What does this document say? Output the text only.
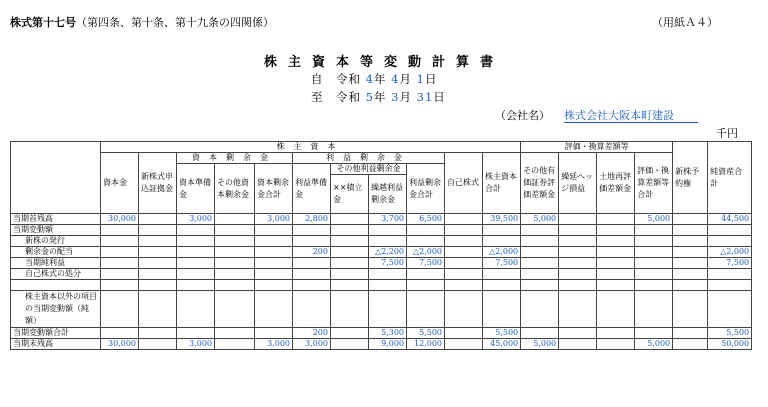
株式第十七号（第四条、第十条、第十九条の四関係）	（用紙Ａ４）
株主資本等変動計算書
自　令和 4年 4月 1日
至　令和 5年 3月 31日
（会社名） 株式会社大阪本町建設
千円
	株主資本											評価・換算差額等				新株予約権	純資産合計
	資本金	新株式申込証拠金	資本剰余金			利益剰余金				自己株式	株主資本合計	その他有価証券評価差額金	繰延ヘッジ損益	土地再評価差額金	評価・換算差額等合計		
			資本準備金	その他資本剰余金	資本剰余金合計	利益準備金	その他利益剰余金		利益剰余金合計								
							××積立金	繰越利益剰余金									
当期首残高	30,000		3,000		3,000	2,800		3,700	6,500		39,500	5,000			5,000		44,500
当期変動額																	
新株の発行																	
剰余金の配当						200		△2,200	△2,000		△2,000						△2,000
当期純利益								7,500	7,500		7,500						7,500
自己株式の処分																	

株主資本以外の項目の当期変動額（純額）																	
当期変動額合計						200		5,300	5,500		5,500						5,500
当期末残高	30,000		3,000		3,000	3,000		9,000	12,000		45,000	5,000			5,000		50,000
